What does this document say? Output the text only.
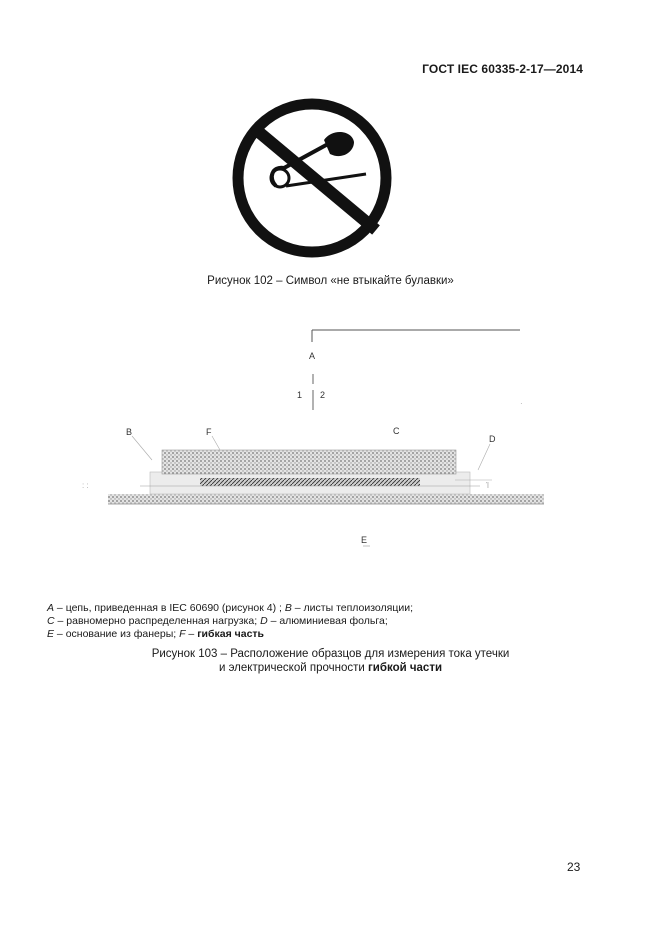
ГОСТ IEC 60335-2-17—2014
Рисунок 102 – Символ «не втыкайте булавки»
: :	Ί
·
A
1 2
B	F	C
D
E
A – цепь, приведенная в IEC 60690 (рисунок 4) ; B – листы теплоизоляции;
C – равномерно распределенная нагрузка; D – алюминиевая фольга;
E – основание из фанеры; F – гибкая часть
Рисунок 103 – Расположение образцов для измерения тока утечки
и электрической прочности гибкой части
23
